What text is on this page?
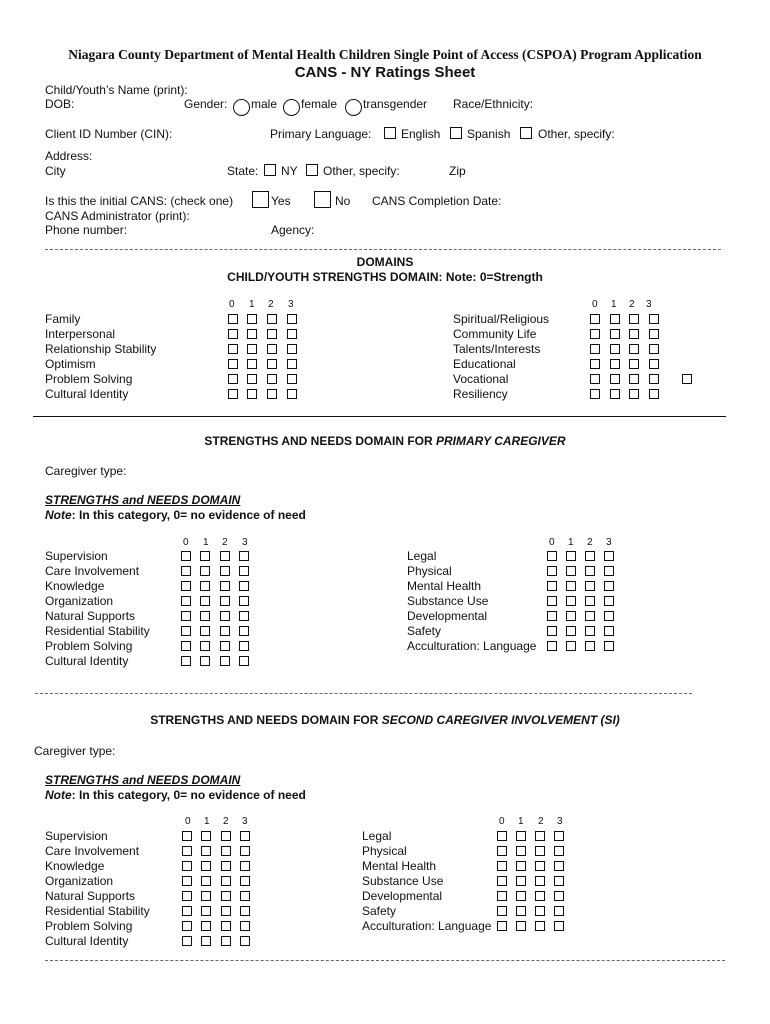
Niagara County Department of Mental Health Children Single Point of Access (CSPOA) Program Application
CANS - NY Ratings Sheet
Child/Youth’s Name (print):
DOB:	Gender: male female transgender Race/Ethnicity:
Client ID Number (CIN):	Primary Language: English Spanish Other, specify:
Address:
City	State: NY Other, specify:	Zip
Is this the initial CANS: (check one)	Yes	No CANS Completion Date:
CANS Administrator (print):
Phone number:	Agency:
DOMAINS
CHILD/YOUTH STRENGTHS DOMAIN: Note: 0=Strength
0 1 2 3
Family
Interpersonal
Relationship Stability
Optimism
Problem Solving
Cultural Identity
0 1 2 3
Spiritual/Religious
Community Life
Talents/Interests
Educational
Vocational
Resiliency
STRENGTHS AND NEEDS DOMAIN FOR PRIMARY CAREGIVER
Caregiver type:
STRENGTHS and NEEDS DOMAIN
Note: In this category, 0= no evidence of need
0 1 2 3
Supervision
Care Involvement
Knowledge
Organization
Natural Supports
Residential Stability
Problem Solving
Cultural Identity
0 1 2 3
Legal
Physical
Mental Health
Substance Use
Developmental
Safety
Acculturation: Language
STRENGTHS AND NEEDS DOMAIN FOR SECOND CAREGIVER INVOLVEMENT (SI)
Caregiver type:
STRENGTHS and NEEDS DOMAIN
Note: In this category, 0= no evidence of need
0 1 2 3
Supervision
Care Involvement
Knowledge
Organization
Natural Supports
Residential Stability
Problem Solving
Cultural Identity
0 1 2 3
Legal
Physical
Mental Health
Substance Use
Developmental
Safety
Acculturation: Language
